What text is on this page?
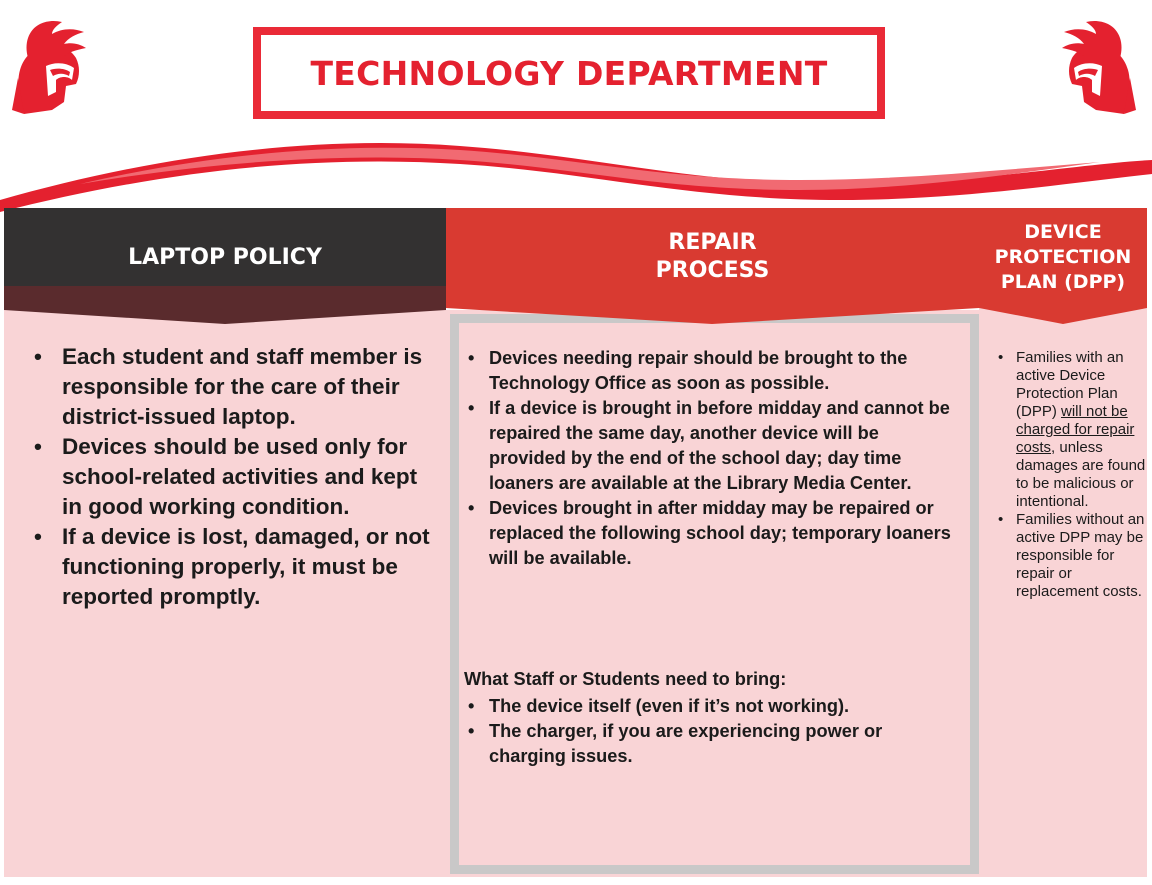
TECHNOLOGY DEPARTMENT
LAPTOP POLICY
REPAIR
PROCESS
DEVICE
PROTECTION
PLAN (DPP)
• Each student and staff member is responsible for the care of their district-issued laptop.
• Devices should be used only for school-related activities and kept in good working condition.
• If a device is lost, damaged, or not functioning properly, it must be reported promptly.
• Devices needing repair should be brought to the Technology Office as soon as possible.
• If a device is brought in before midday and cannot be repaired the same day, another device will be provided by the end of the school day; day time loaners are available at the Library Media Center.
• Devices brought in after midday may be repaired or replaced the following school day; temporary loaners will be available.
What Staff or Students need to bring:
• The device itself (even if it’s not working).
• The charger, if you are experiencing power or charging issues.
• Families with an active Device Protection Plan (DPP) will not be charged for repair costs, unless damages are found to be malicious or intentional.
• Families without an active DPP may be responsible for repair or replacement costs.
